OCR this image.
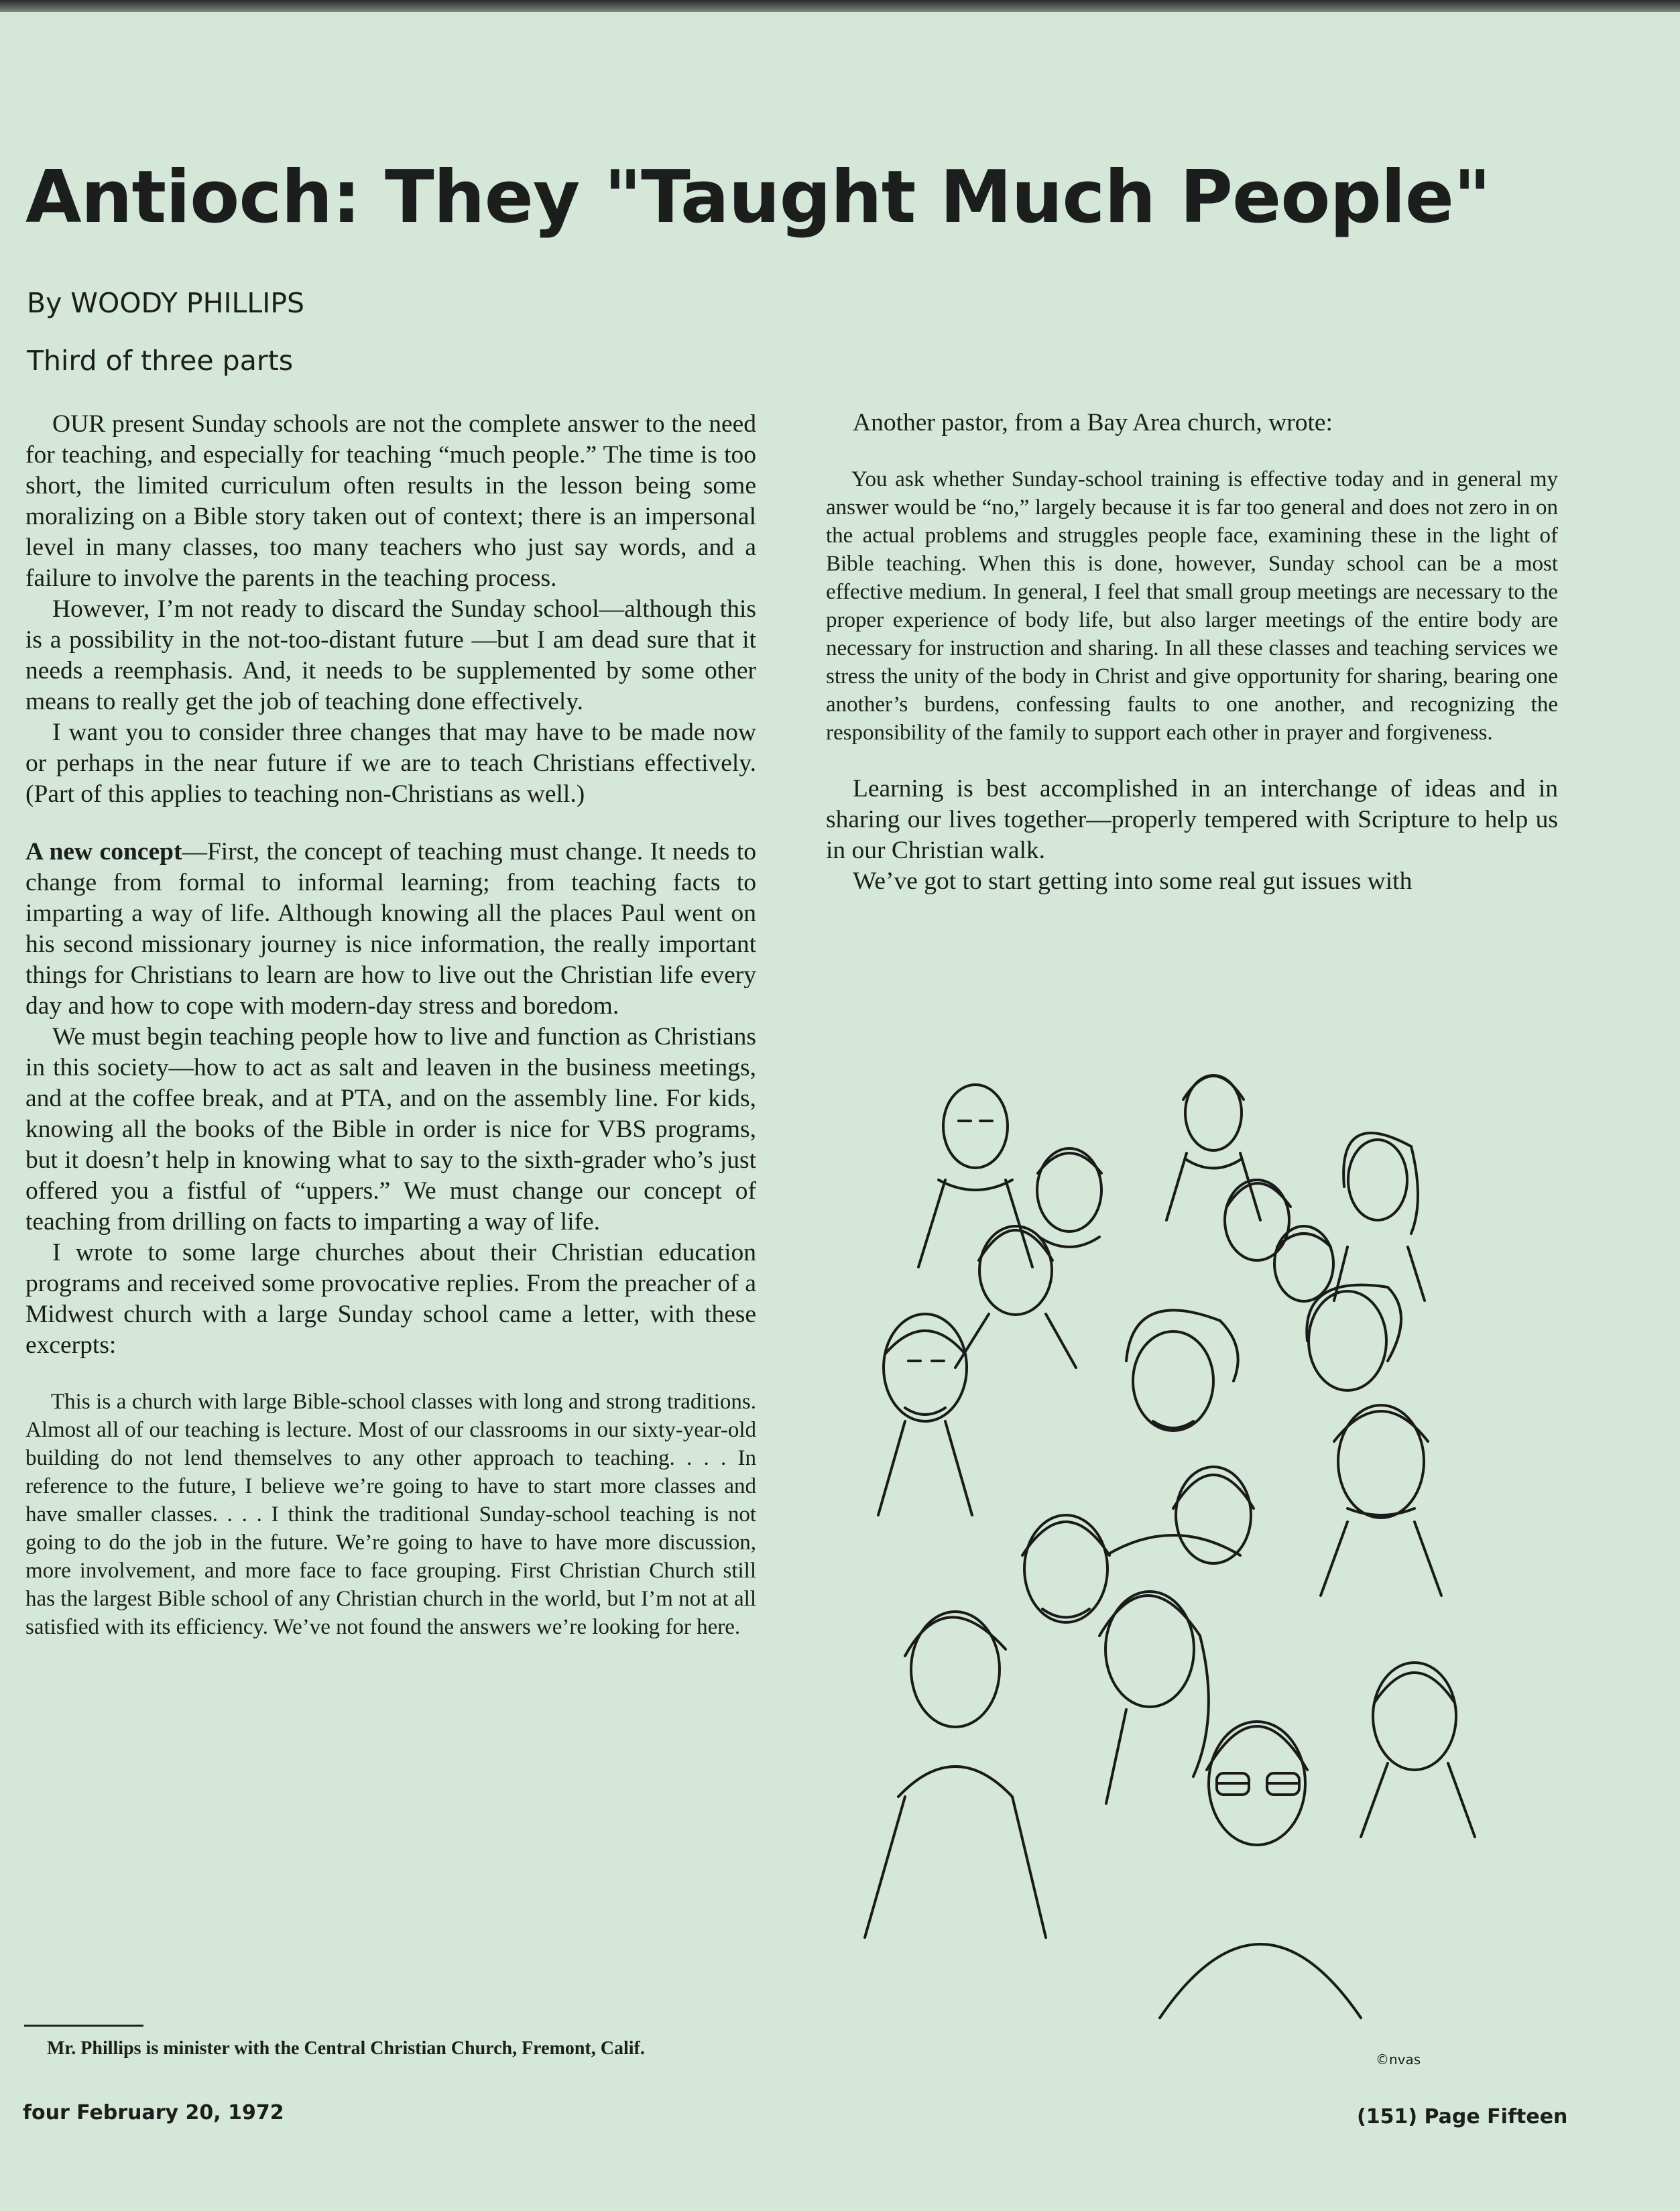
Antioch: They "Taught Much People"
By WOODY PHILLIPS
Third of three parts

OUR present Sunday schools are not the complete answer to the need for teaching, and especially for teaching “much people.” The time is too short, the limited curriculum often results in the lesson being some moralizing on a Bible story taken out of context; there is an impersonal level in many classes, too many teachers who just say words, and a failure to involve the parents in the teaching process.

However, I’m not ready to discard the Sunday school—although this is a possibility in the not-too-distant future —but I am dead sure that it needs a reemphasis. And, it needs to be supplemented by some other means to really get the job of teaching done effectively.

I want you to consider three changes that may have to be made now or perhaps in the near future if we are to teach Christians effectively. (Part of this applies to teaching non-Christians as well.)

A new concept—First, the concept of teaching must change. It needs to change from formal to informal learning; from teaching facts to imparting a way of life. Although knowing all the places Paul went on his second missionary journey is nice information, the really important things for Christians to learn are how to live out the Christian life every day and how to cope with modern-day stress and boredom.

We must begin teaching people how to live and function as Christians in this society—how to act as salt and leaven in the business meetings, and at the coffee break, and at PTA, and on the assembly line. For kids, knowing all the books of the Bible in order is nice for VBS programs, but it doesn’t help in knowing what to say to the sixth-grader who’s just offered you a fistful of “uppers.” We must change our concept of teaching from drilling on facts to imparting a way of life.

I wrote to some large churches about their Christian education programs and received some provocative replies. From the preacher of a Midwest church with a large Sunday school came a letter, with these excerpts:

This is a church with large Bible-school classes with long and strong traditions. Almost all of our teaching is lecture. Most of our classrooms in our sixty-year-old building do not lend themselves to any other approach to teaching. . . . In reference to the future, I believe we’re going to have to start more classes and have smaller classes. . . . I think the traditional Sunday-school teaching is not going to do the job in the future. We’re going to have to have more discussion, more involvement, and more face to face grouping. First Christian Church still has the largest Bible school of any Christian church in the world, but I’m not at all satisfied with its efficiency. We’ve not found the answers we’re looking for here.

Another pastor, from a Bay Area church, wrote:

You ask whether Sunday-school training is effective today and in general my answer would be “no,” largely because it is far too general and does not zero in on the actual problems and struggles people face, examining these in the light of Bible teaching. When this is done, however, Sunday school can be a most effective medium. In general, I feel that small group meetings are necessary to the proper experience of body life, but also larger meetings of the entire body are necessary for instruction and sharing. In all these classes and teaching services we stress the unity of the body in Christ and give opportunity for sharing, bearing one another’s burdens, confessing faults to one another, and recognizing the responsibility of the family to support each other in prayer and forgiveness.

Learning is best accomplished in an interchange of ideas and in sharing our lives together—properly tempered with Scripture to help us in our Christian walk.

We’ve got to start getting into some real gut issues with

©nvas
Mr. Phillips is minister with the Central Christian Church, Fremont, Calif.
four February 20, 1972	(151) Page Fifteen
